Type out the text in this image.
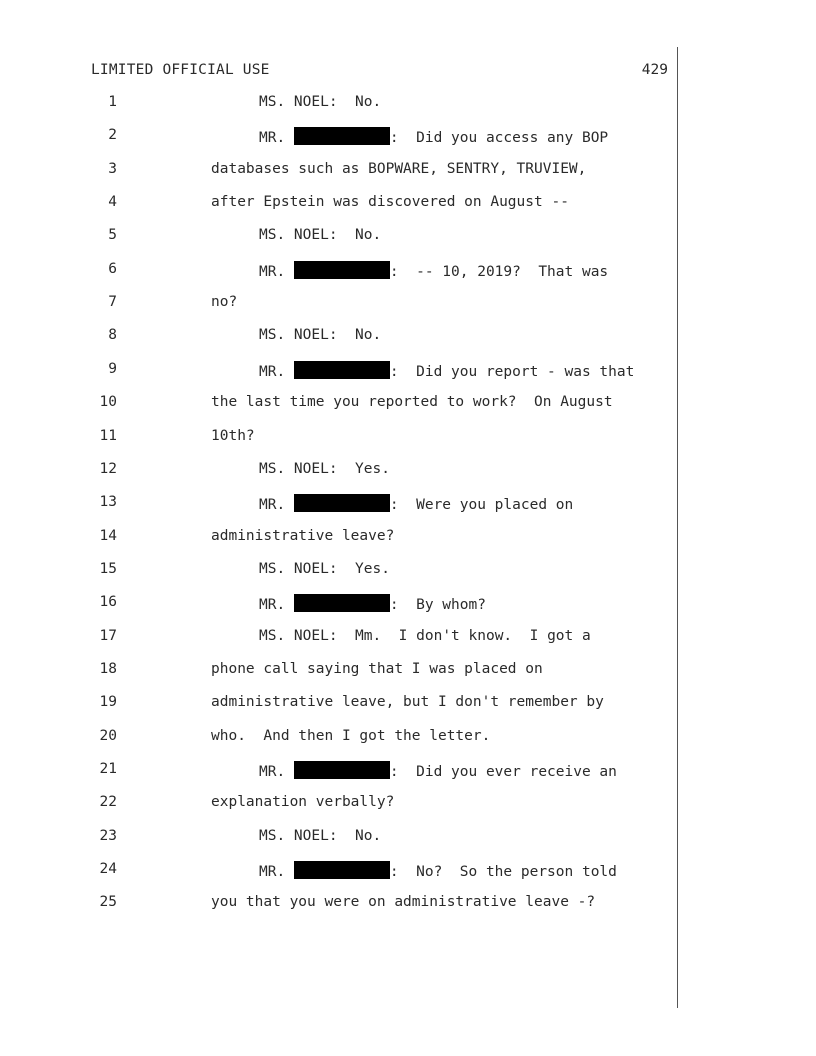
LIMITED OFFICIAL USE	429
1	MS. NOEL:  No.
2	MR.	:  Did you access any BOP
3	databases such as BOPWARE, SENTRY, TRUVIEW,
4	after Epstein was discovered on August --
5	MS. NOEL:  No.
6	MR.	:  -- 10, 2019?  That was
7	no?
8	MS. NOEL:  No.
9	MR.	:  Did you report - was that
10	the last time you reported to work?  On August
11	10th?
12	MS. NOEL:  Yes.
13	MR.	:  Were you placed on
14	administrative leave?
15	MS. NOEL:  Yes.
16	MR.	:  By whom?
17	MS. NOEL:  Mm.  I don't know.  I got a
18	phone call saying that I was placed on
19	administrative leave, but I don't remember by
20	who.  And then I got the letter.
21	MR.	:  Did you ever receive an
22	explanation verbally?
23	MS. NOEL:  No.
24	MR.	:  No?  So the person told
25	you that you were on administrative leave -?
